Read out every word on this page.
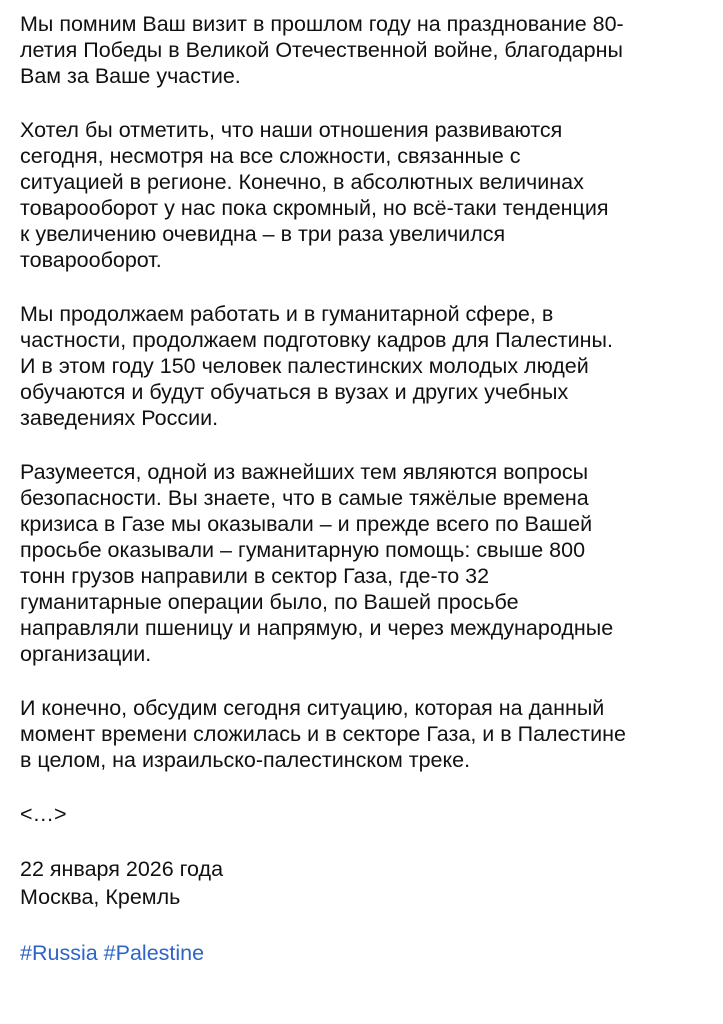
Мы помним Ваш визит в прошлом году на празднование 80-
летия Победы в Великой Отечественной войне, благодарны
Вам за Ваше участие.

Хотел бы отметить, что наши отношения развиваются
сегодня, несмотря на все сложности, связанные с
ситуацией в регионе. Конечно, в абсолютных величинах
товарооборот у нас пока скромный, но всё-таки тенденция
к увеличению очевидна – в три раза увеличился
товарооборот.

Мы продолжаем работать и в гуманитарной сфере, в
частности, продолжаем подготовку кадров для Палестины.
И в этом году 150 человек палестинских молодых людей
обучаются и будут обучаться в вузах и других учебных
заведениях России.

Разумеется, одной из важнейших тем являются вопросы
безопасности. Вы знаете, что в самые тяжёлые времена
кризиса в Газе мы оказывали – и прежде всего по Вашей
просьбе оказывали – гуманитарную помощь: свыше 800
тонн грузов направили в сектор Газа, где-то 32
гуманитарные операции было, по Вашей просьбе
направляли пшеницу и напрямую, и через международные
организации.

И конечно, обсудим сегодня ситуацию, которая на данный
момент времени сложилась и в секторе Газа, и в Палестине
в целом, на израильско-палестинском треке.

<…>

22 января 2026 года
Москва, Кремль
#Russia #Palestine
